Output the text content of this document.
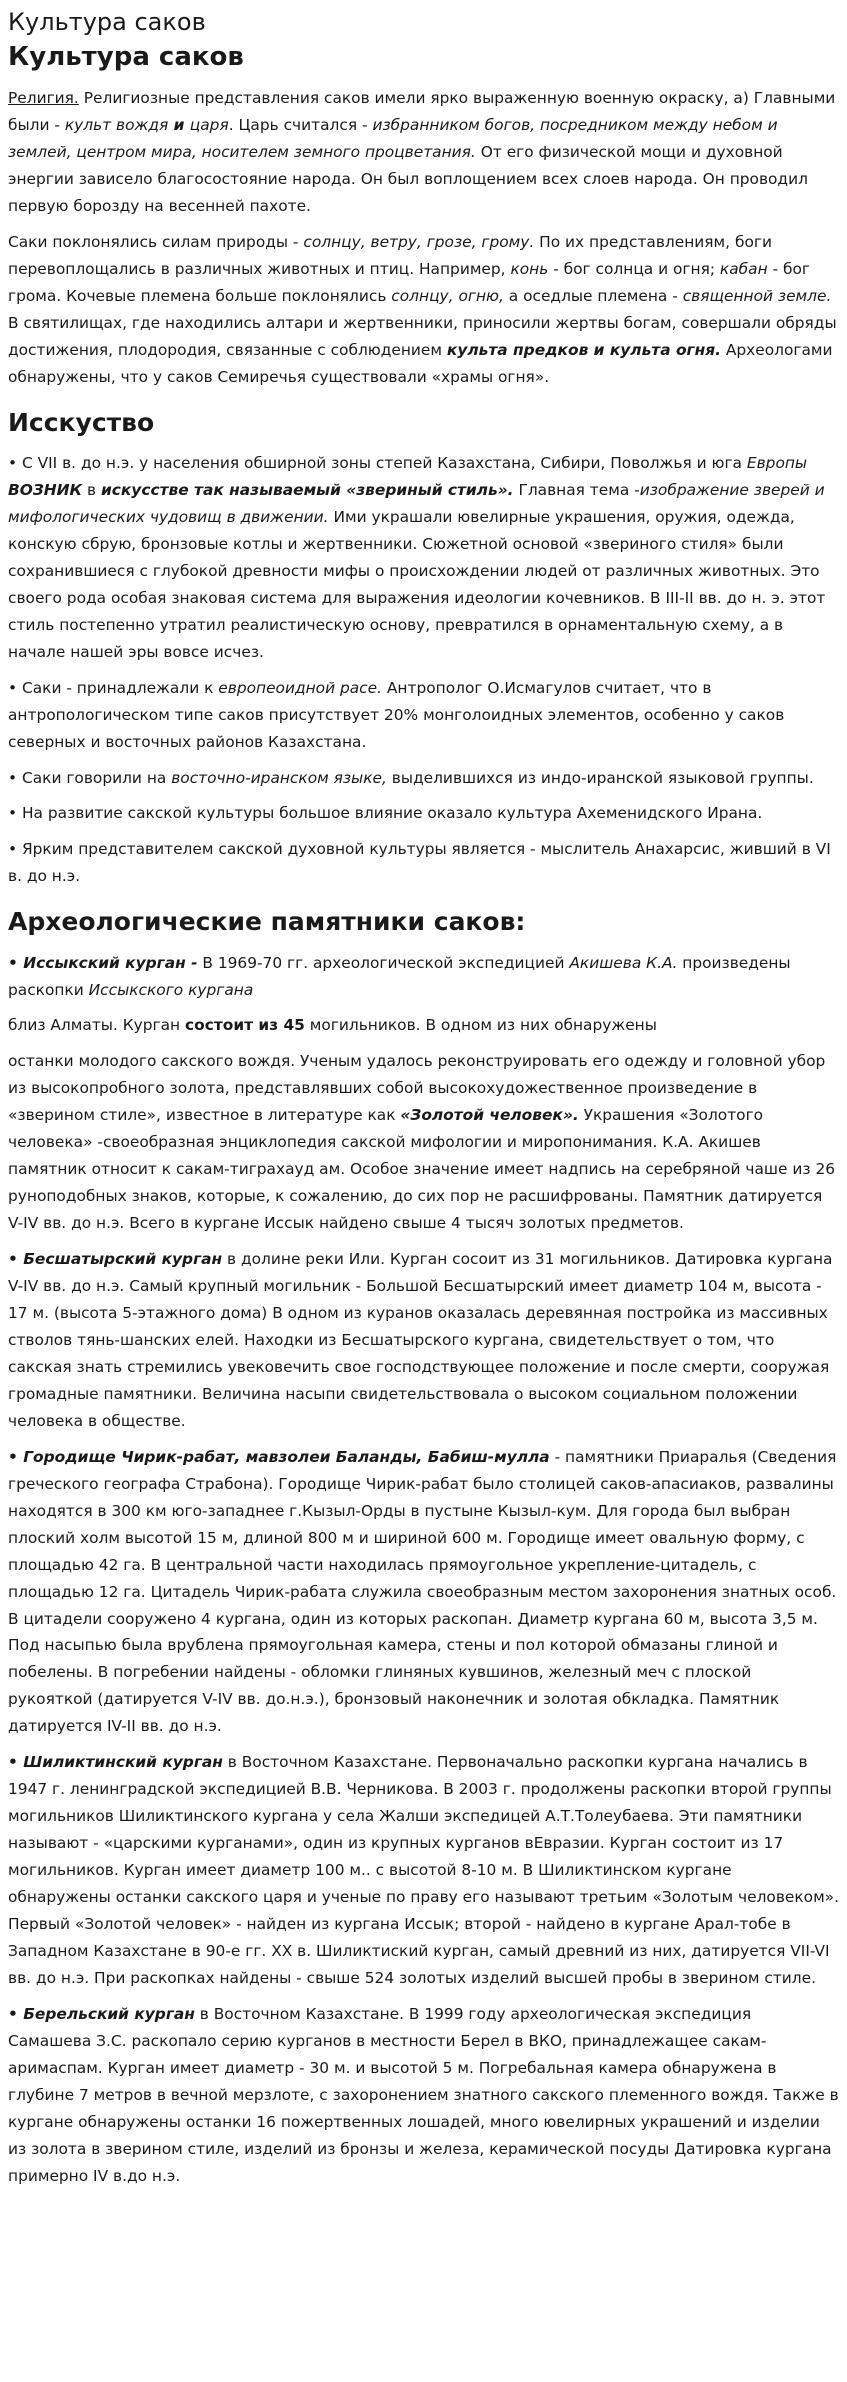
Культура саков
Культура саков

Религия. Религиозные представления саков имели ярко выраженную военную окраску, а) Главными были - культ вождя и царя. Царь считался - избранником богов, посредником между небом и землей, центром мира, носителем земного процветания. От его физической мощи и духовной энергии зависело благосостояние народа. Он был воплощением всех слоев народа. Он проводил первую борозду на весенней пахоте.

Саки поклонялись силам природы - солнцу, ветру, грозе, грому. По их представлениям, боги перевоплощались в различных животных и птиц. Например, конь - бог солнца и огня; кабан - бог грома. Кочевые племена больше поклонялись солнцу, огню, а оседлые племена - священной земле. В святилищах, где находились алтари и жертвенники, приносили жертвы богам, совершали обряды достижения, плодородия, связанные с соблюдением культа предков и культа огня. Археологами обнаружены, что у саков Семиречья существовали «храмы огня».

Исскуство

• С VII в. до н.э. у населения обширной зоны степей Казахстана, Сибири, Поволжья и юга Европы
ВОЗНИК в искусстве так называемый «звериный стиль». Главная тема -изображение зверей и мифологических чудовищ в движении. Ими украшали ювелирные украшения, оружия, одежда, конскую сбрую, бронзовые котлы и жертвенники. Сюжетной основой «звериного стиля» были сохранившиеся с глубокой древности мифы о происхождении людей от различных животных. Это своего рода особая знаковая система для выражения идеологии кочевников. В III-II вв. до н. э. этот стиль постепенно утратил реалистическую основу, превратился в орнаментальную схему, а в начале нашей эры вовсе исчез.

• Саки - принадлежали к европеоидной расе. Антрополог О.Исмагулов считает, что в антропологическом типе саков присутствует 20% монголоидных элементов, особенно у саков северных и восточных районов Казахстана.

• Саки говорили на восточно-иранском языке, выделившихся из индо-иранской языковой группы.

• На развитие сакской культуры большое влияние оказало культура Ахеменидского Ирана.

• Ярким представителем сакской духовной культуры является - мыслитель Анахарсис, живший в VI в. до н.э.

Археологические памятники саков:

• Иссыкский курган - В 1969-70 гг. археологической экспедицией Акишева К.А. произведены раскопки Иссыкского кургана

близ Алматы. Курган состоит из 45 могильников. В одном из них обнаружены

останки молодого сакского вождя. Ученым удалось реконструировать его одежду и головной убор из высокопробного золота, представлявших собой высокохудожественное произведение в «зверином стиле», известное в литературе как «Золотой человек». Украшения «Золотого человека» -своеобразная энциклопедия сакской мифологии и миропонимания. К.А. Акишев памятник относит к сакам-тиграхауд ам. Особое значение имеет надпись на серебряной чаше из 26 руноподобных знаков, которые, к сожалению, до сих пор не расшифрованы. Памятник датируется V-IV вв. до н.э. Всего в кургане Иссык найдено свыше 4 тысяч золотых предметов.

• Бесшатырский курган в долине реки Или. Курган сосоит из 31 могильников. Датировка кургана V-IV вв. до н.э. Самый крупный могильник - Большой Бесшатырский имеет диаметр 104 м, высота - 17 м. (высота 5-этажного дома) В одном из куранов оказалась деревянная постройка из массивных стволов тянь-шанских елей. Находки из Бесшатырского кургана, свидетельствует о том, что сакская знать стремились увековечить свое господствующее положение и после смерти, сооружая громадные памятники. Величина насыпи свидетельствовала о высоком социальном положении человека в обществе.

• Городище Чирик-рабат, мавзолеи Баланды, Бабиш-мулла - памятники Приаралья (Сведения греческого географа Страбона). Городище Чирик-рабат было столицей саков-апасиаков, развалины находятся в 300 км юго-западнее г.Кызыл-Орды в пустыне Кызыл-кум. Для города был выбран плоский холм высотой 15 м, длиной 800 м и шириной 600 м. Городище имеет овальную форму, с площадью 42 га. В центральной части находилась прямоугольное укрепление-цитадель, с площадью 12 га. Цитадель Чирик-рабата служила своеобразным местом захоронения знатных особ. В цитадели сооружено 4 кургана, один из которых раскопан. Диаметр кургана 60 м, высота 3,5 м. Под насыпью была врублена прямоугольная камера, стены и пол которой обмазаны глиной и побелены. В погребении найдены - обломки глиняных кувшинов, железный меч с плоской рукояткой (датируется V-IV вв. до.н.э.), бронзовый наконечник и золотая обкладка. Памятник датируется IV-II вв. до н.э.

• Шиликтинский курган в Восточном Казахстане. Первоначально раскопки кургана начались в 1947 г. ленинградской экспедицией В.В. Черникова. В 2003 г. продолжены раскопки второй группы могильников Шиликтинского кургана у села Жалши экспедицей А.Т.Толеубаева. Эти памятники называют - «царскими курганами», один из крупных курганов вЕвразии. Курган состоит из 17 могильников. Курган имеет диаметр 100 м.. с высотой 8-10 м. В Шиликтинском кургане обнаружены останки сакского царя и ученые по праву его называют третьим «Золотым человеком». Первый «Золотой человек» - найден из кургана Иссык; второй - найдено в кургане Арал-тобе в Западном Казахстане в 90-е гг. ХХ в. Шиликтиский курган, самый древний из них, датируется VII-VI вв. до н.э. При раскопках найдены - свыше 524 золотых изделий высшей пробы в зверином стиле.

• Берельский курган в Восточном Казахстане. В 1999 году археологическая экспедиция Самашева З.С. раскопало серию курганов в местности Берел в ВКО, принадлежащее сакам-аримаспам. Курган имеет диаметр - 30 м. и высотой 5 м. Погребальная камера обнаружена в глубине 7 метров в вечной мерзлоте, с захоронением знатного сакского племенного вождя. Также в кургане обнаружены останки 16 пожертвенных лошадей, много ювелирных украшений и изделии из золота в зверином стиле, изделий из бронзы и железа, керамической посуды Датировка кургана примерно IV в.до н.э.
